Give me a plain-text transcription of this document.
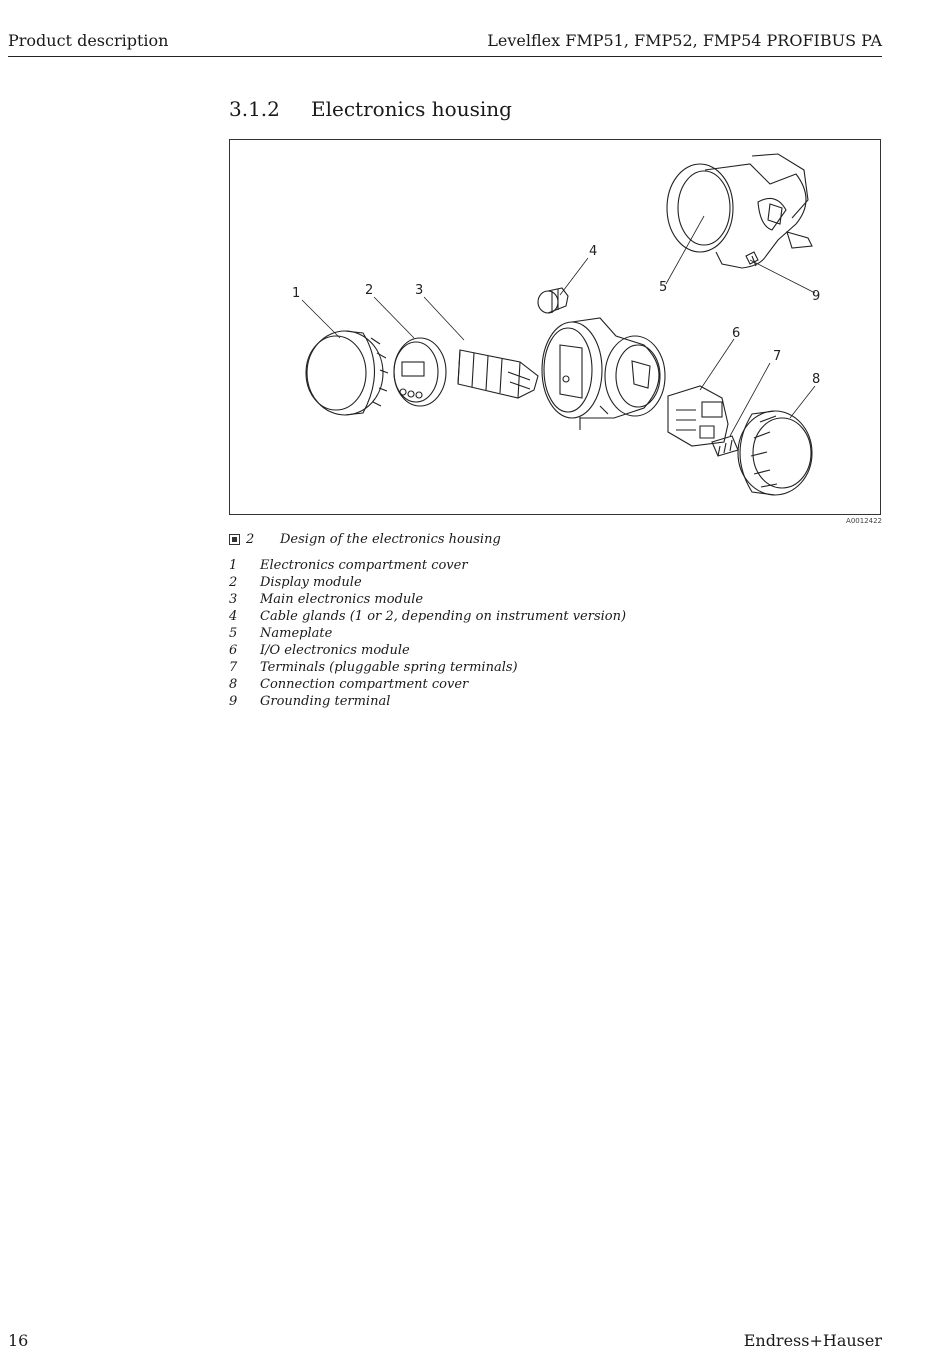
Product description	Levelflex FMP51, FMP52, FMP54 PROFIBUS PA
3.1.2 Electronics housing
1	2	3
4
5
6
7
8
9
A0012422
2	Design of the electronics housing
1	Electronics compartment cover
2	Display module
3	Main electronics module
4	Cable glands (1 or 2, depending on instrument version)
5	Nameplate
6	I/O electronics module
7	Terminals (pluggable spring terminals)
8	Connection compartment cover
9	Grounding terminal
16	Endress+Hauser
